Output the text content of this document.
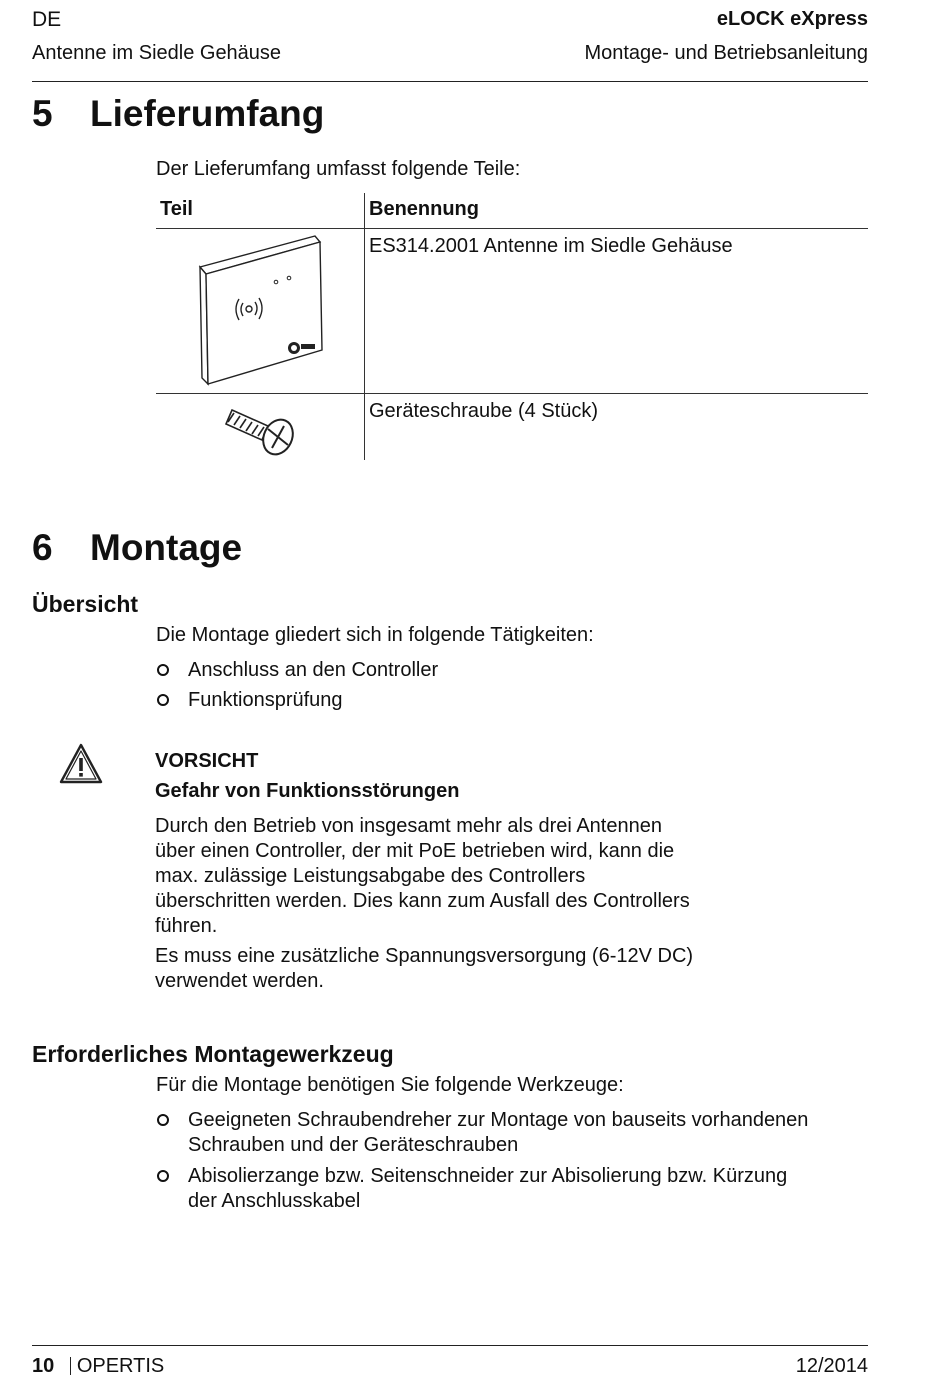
DE
Antenne im Siedle Gehäuse
eLOCK eXpress
Montage- und Betriebsanleitung
5 Lieferumfang
Der Lieferumfang umfasst folgende Teile:
Teil	Benennung
ES314.2001 Antenne im Siedle Gehäuse
Geräteschraube (4 Stück)
6 Montage
Übersicht
Die Montage gliedert sich in folgende Tätigkeiten:
Anschluss an den Controller
Funktionsprüfung
VORSICHT
Gefahr von Funktionsstörungen
Durch den Betrieb von insgesamt mehr als drei Antennen
über einen Controller, der mit PoE betrieben wird, kann die
max. zulässige Leistungsabgabe des Controllers
überschritten werden. Dies kann zum Ausfall des Controllers
führen.
Es muss eine zusätzliche Spannungsversorgung (6-12V DC)
verwendet werden.
Erforderliches Montagewerkzeug
Für die Montage benötigen Sie folgende Werkzeuge:
Geeigneten Schraubendreher zur Montage von bauseits vorhandenen
Schrauben und der Geräteschrauben
Abisolierzange bzw. Seitenschneider zur Abisolierung bzw. Kürzung
der Anschlusskabel
10 OPERTIS	12/2014
